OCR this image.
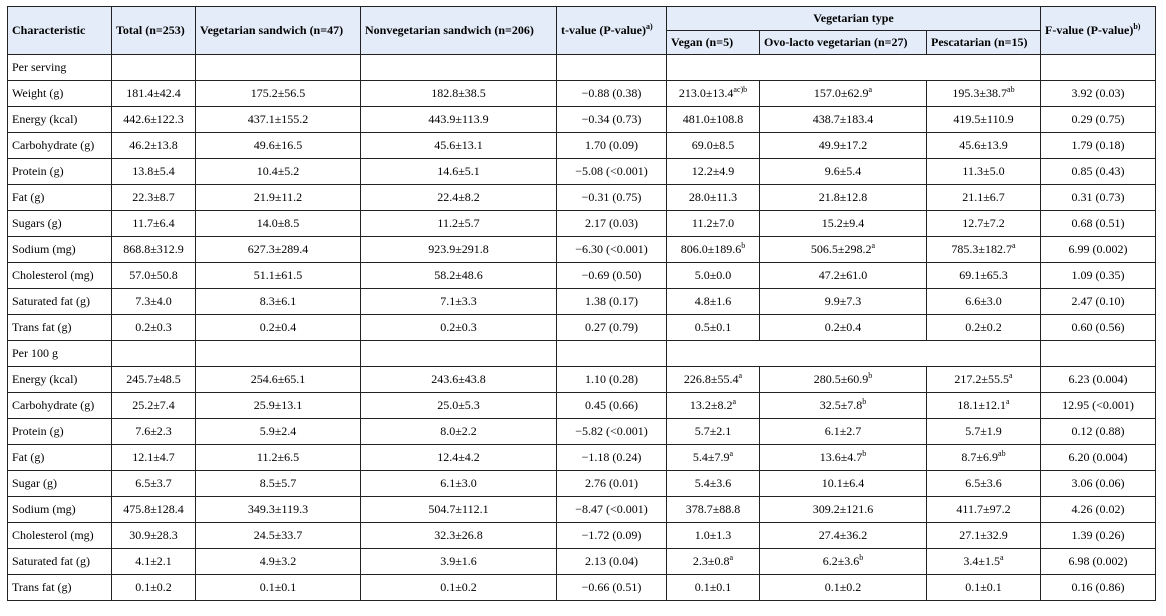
Characteristic	Total (n=253)	Vegetarian sandwich (n=47)	Nonvegetarian sandwich (n=206)	t-value (P-value)$^{a)}$	Vegetarian type			F-value (P-value)$^{b)}$
					Vegan (n=5)	Ovo-lacto vegetarian (n=27)	Pescatarian (n=15)	
Per serving								
Weight (g)	181.4±42.4	175.2±56.5	182.8±38.5	−0.88 (0.38)	$213.0\pm 13.4^{ac)b}$	157.0±62.9$^a$	195.3±38.7$^{ab}$	3.92 (0.03)
Energy (kcal)	442.6±122.3	437.1±155.2	443.9±113.9	−0.34 (0.73)	481.0±108.8	438.7±183.4	419.5±110.9	0.29 (0.75)
Carbohydrate (g)	46.2±13.8	49.6±16.5	45.6±13.1	1.70 (0.09)	69.0±8.5	49.9±17.2	45.6±13.9	1.79 (0.18)
Protein (g)	13.8±5.4	10.4±5.2	14.6±5.1	−5.08 (<0.001)	12.2±4.9	9.6±5.4	11.3±5.0	0.85 (0.43)
Fat (g)	22.3±8.7	21.9±11.2	22.4±8.2	−0.31 (0.75)	28.0±11.3	21.8±12.8	21.1±6.7	0.31 (0.73)
Sugars (g)	11.7±6.4	14.0±8.5	11.2±5.7	2.17 (0.03)	11.2±7.0	15.2±9.4	12.7±7.2	0.68 (0.51)
Sodium (mg)	868.8±312.9	627.3±289.4	923.9±291.8	−6.30 (<0.001)	806.0±189.6$^b$	506.5±298.2$^a$	785.3±182.7$^a$	6.99 (0.002)
Cholesterol (mg)	57.0±50.8	51.1±61.5	58.2±48.6	−0.69 (0.50)	5.0±0.0	47.2±61.0	69.1±65.3	1.09 (0.35)
Saturated fat (g)	7.3±4.0	8.3±6.1	7.1±3.3	1.38 (0.17)	4.8±1.6	9.9±7.3	6.6±3.0	2.47 (0.10)
Trans fat (g)	0.2±0.3	0.2±0.4	0.2±0.3	0.27 (0.79)	0.5±0.1	0.2±0.4	0.2±0.2	0.60 (0.56)
Per 100 g								
Energy (kcal)	245.7±48.5	254.6±65.1	243.6±43.8	1.10 (0.28)	226.8±55.4$^a$	280.5±60.9$^b$	217.2±55.5$^a$	6.23 (0.004)
Carbohydrate (g)	25.2±7.4	25.9±13.1	25.0±5.3	0.45 (0.66)	13.2±8.2$^a$	32.5±7.8$^b$	18.1±12.1$^a$	12.95 (<0.001)
Protein (g)	7.6±2.3	5.9±2.4	8.0±2.2	−5.82 (<0.001)	5.7±2.1	6.1±2.7	5.7±1.9	0.12 (0.88)
Fat (g)	12.1±4.7	11.2±6.5	12.4±4.2	−1.18 (0.24)	5.4±7.9$^a$	13.6±4.7$^b$	8.7±6.9$^{ab}$	6.20 (0.004)
Sugar (g)	6.5±3.7	8.5±5.7	6.1±3.0	2.76 (0.01)	5.4±3.6	10.1±6.4	6.5±3.6	3.06 (0.06)
Sodium (mg)	475.8±128.4	349.3±119.3	504.7±112.1	−8.47 (<0.001)	378.7±88.8	309.2±121.6	411.7±97.2	4.26 (0.02)
Cholesterol (mg)	30.9±28.3	24.5±33.7	32.3±26.8	−1.72 (0.09)	1.0±1.3	27.4±36.2	27.1±32.9	1.39 (0.26)
Saturated fat (g)	4.1±2.1	4.9±3.2	3.9±1.6	2.13 (0.04)	2.3±0.8$^a$	6.2±3.6$^b$	3.4±1.5$^a$	6.98 (0.002)
Trans fat (g)	0.1±0.2	0.1±0.1	0.1±0.2	−0.66 (0.51)	0.1±0.1	0.1±0.2	0.1±0.1	0.16 (0.86)
